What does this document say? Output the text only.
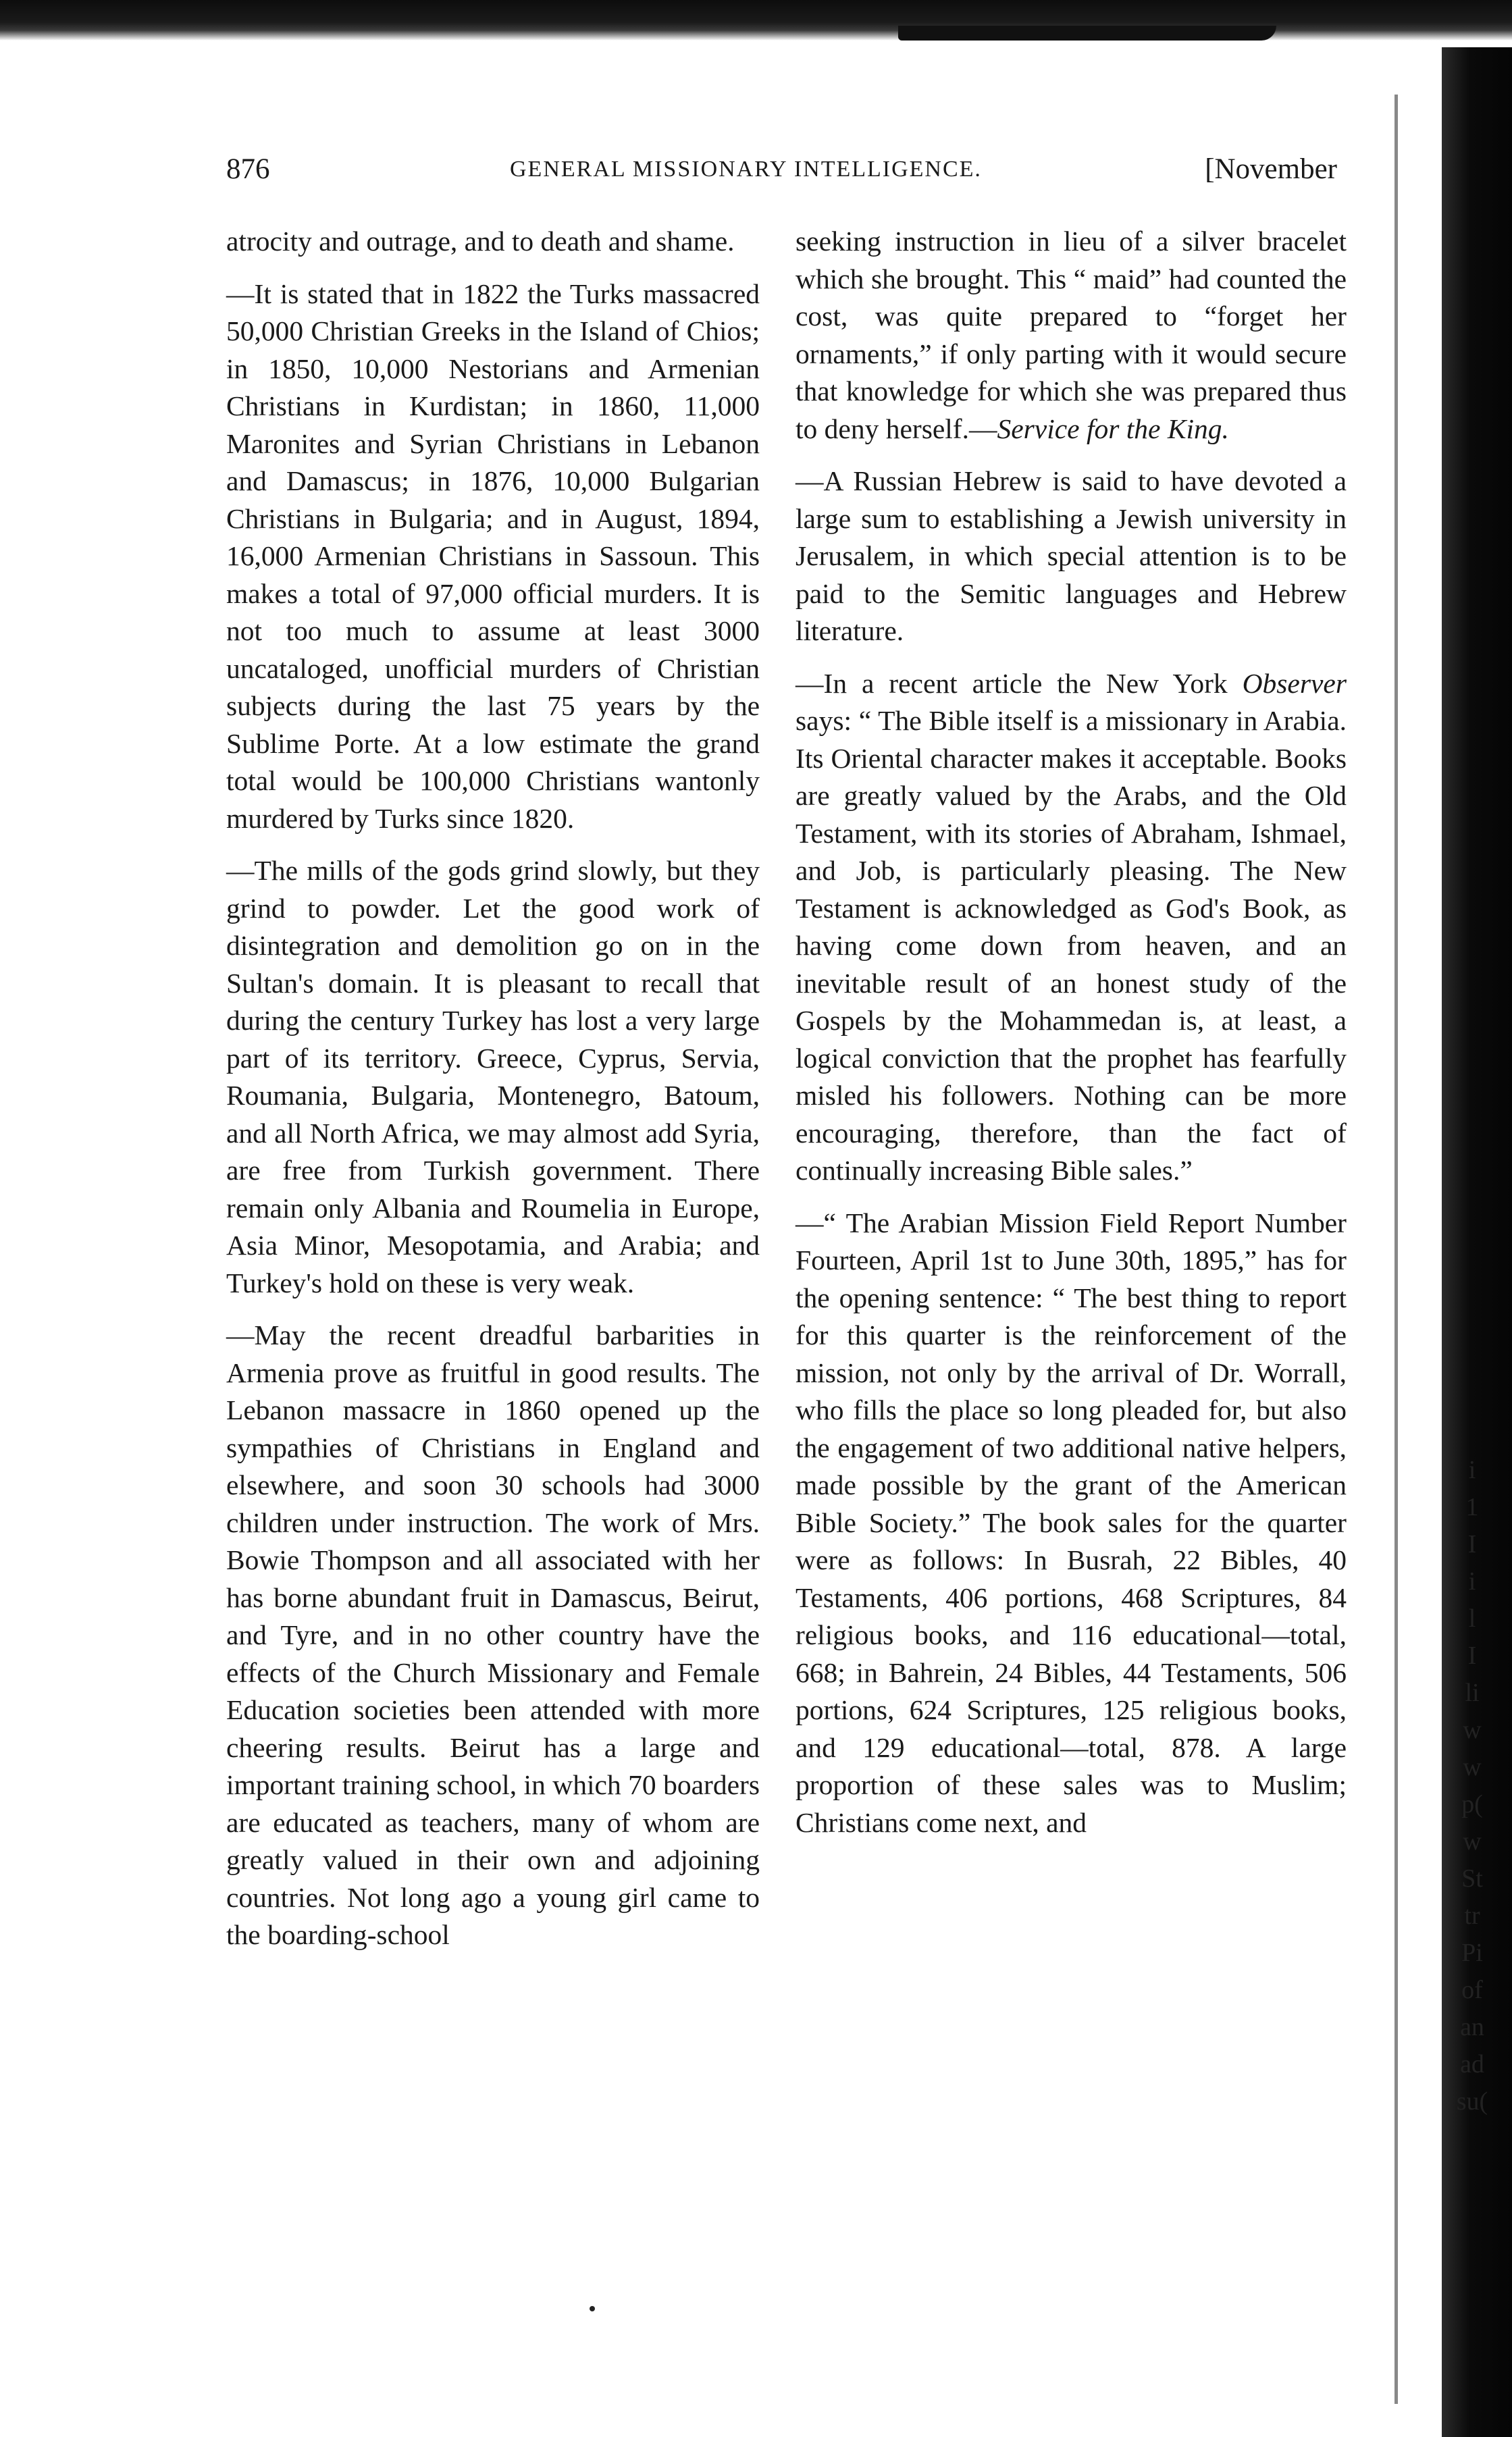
876	GENERAL MISSIONARY INTELLIGENCE.	[November

atrocity and outrage, and to death and shame.

—It is stated that in 1822 the Turks massacred 50,000 Christian Greeks in the Island of Chios; in 1850, 10,000 Nestorians and Armenian Christians in Kurdistan; in 1860, 11,000 Maronites and Syrian Christians in Lebanon and Damascus; in 1876, 10,000 Bulgarian Christians in Bulgaria; and in August, 1894, 16,000 Armenian Christians in Sassoun. This makes a total of 97,000 official murders. It is not too much to assume at least 3000 uncataloged, unofficial murders of Christian subjects during the last 75 years by the Sublime Porte. At a low estimate the grand total would be 100,000 Christians wantonly murdered by Turks since 1820.

—The mills of the gods grind slowly, but they grind to powder. Let the good work of disintegration and demolition go on in the Sultan's domain. It is pleasant to recall that during the century Turkey has lost a very large part of its territory. Greece, Cyprus, Servia, Roumania, Bulgaria, Montenegro, Batoum, and all North Africa, we may almost add Syria, are free from Turkish government. There remain only Albania and Roumelia in Europe, Asia Minor, Mesopotamia, and Arabia; and Turkey's hold on these is very weak.

—May the recent dreadful barbarities in Armenia prove as fruitful in good results. The Lebanon massacre in 1860 opened up the sympathies of Christians in England and elsewhere, and soon 30 schools had 3000 children under instruction. The work of Mrs. Bowie Thompson and all associated with her has borne abundant fruit in Damascus, Beirut, and Tyre, and in no other country have the effects of the Church Missionary and Female Education societies been attended with more cheering results. Beirut has a large and important training school, in which 70 boarders are educated as teachers, many of whom are greatly valued in their own and adjoining countries. Not long ago a young girl came to the boarding-school

seeking instruction in lieu of a silver bracelet which she brought. This “ maid” had counted the cost, was quite prepared to “forget her ornaments,” if only parting with it would secure that knowledge for which she was prepared thus to deny herself.—Service for the King.

—A Russian Hebrew is said to have devoted a large sum to establishing a Jewish university in Jerusalem, in which special attention is to be paid to the Semitic languages and Hebrew literature.

—In a recent article the New York Observer says: “ The Bible itself is a missionary in Arabia. Its Oriental character makes it acceptable. Books are greatly valued by the Arabs, and the Old Testament, with its stories of Abraham, Ishmael, and Job, is particularly pleasing. The New Testament is acknowledged as God's Book, as having come down from heaven, and an inevitable result of an honest study of the Gospels by the Mohammedan is, at least, a logical conviction that the prophet has fearfully misled his followers. Nothing can be more encouraging, therefore, than the fact of continually increasing Bible sales.”

—“ The Arabian Mission Field Report Number Fourteen, April 1st to June 30th, 1895,” has for the opening sentence: “ The best thing to report for this quarter is the reinforcement of the mission, not only by the arrival of Dr. Worrall, who fills the place so long pleaded for, but also the engagement of two additional native helpers, made possible by the grant of the American Bible Society.” The book sales for the quarter were as follows: In Busrah, 22 Bibles, 40 Testaments, 406 portions, 468 Scriptures, 84 religious books, and 116 educational—total, 668; in Bahrein, 24 Bibles, 44 Testaments, 506 portions, 624 Scriptures, 125 religious books, and 129 educational—total, 878. A large proportion of these sales was to Muslim; Christians come next, and

i
1
I
i
l
I
li
w
w
p(
w
St
tr
Pi
of
an
ad
su(
